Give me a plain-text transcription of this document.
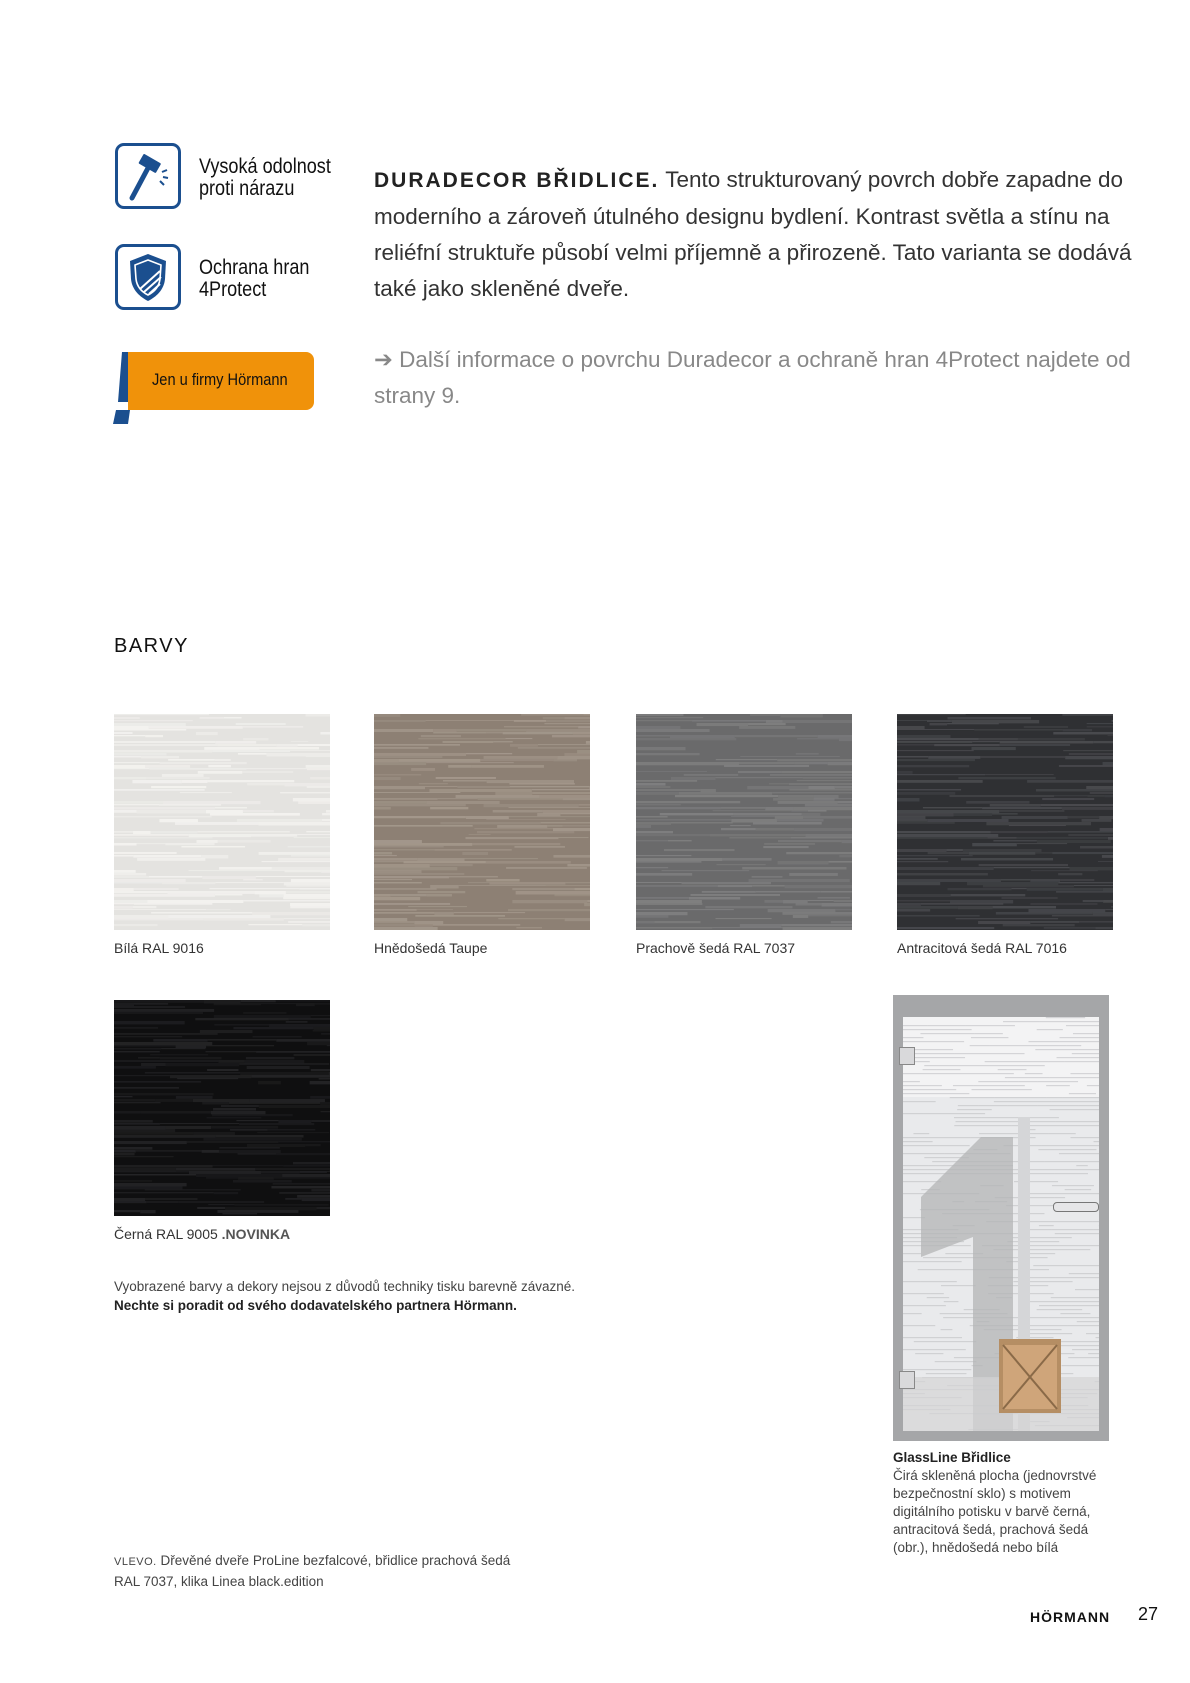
Vysoká odolnost
proti nárazu
Ochrana hran
4Protect
Jen u firmy Hörmann
DURADECOR BŘIDLICE. Tento strukturovaný povrch dobře zapadne do moderního a zároveň útulného designu bydlení. Kontrast světla a stínu na reliéfní struktuře působí velmi příjemně a přirozeně. Tato varianta se dodává také jako skleněné dveře.
➔ Další informace o povrchu Duradecor a ochraně hran 4Protect najdete od strany 9.
BARVY
Bílá RAL 9016	Hnědošedá Taupe	Prachově šedá RAL 7037	Antracitová šedá RAL 7016
Černá RAL 9005 .NOVINKA
Vyobrazené barvy a dekory nejsou z důvodů techniky tisku barevně závazné.
Nechte si poradit od svého dodavatelského partnera Hörmann.
GlassLine Břidlice
Čirá skleněná plocha (jednovrstvé bezpečnostní sklo) s motivem digitálního potisku v barvě černá, antracitová šedá, prachová šedá (obr.), hnědošedá nebo bílá
VLEVO. Dřevěné dveře ProLine bezfalcové, břidlice prachová šedá
RAL 7037, klika Linea black.edition
HÖRMANN 27
